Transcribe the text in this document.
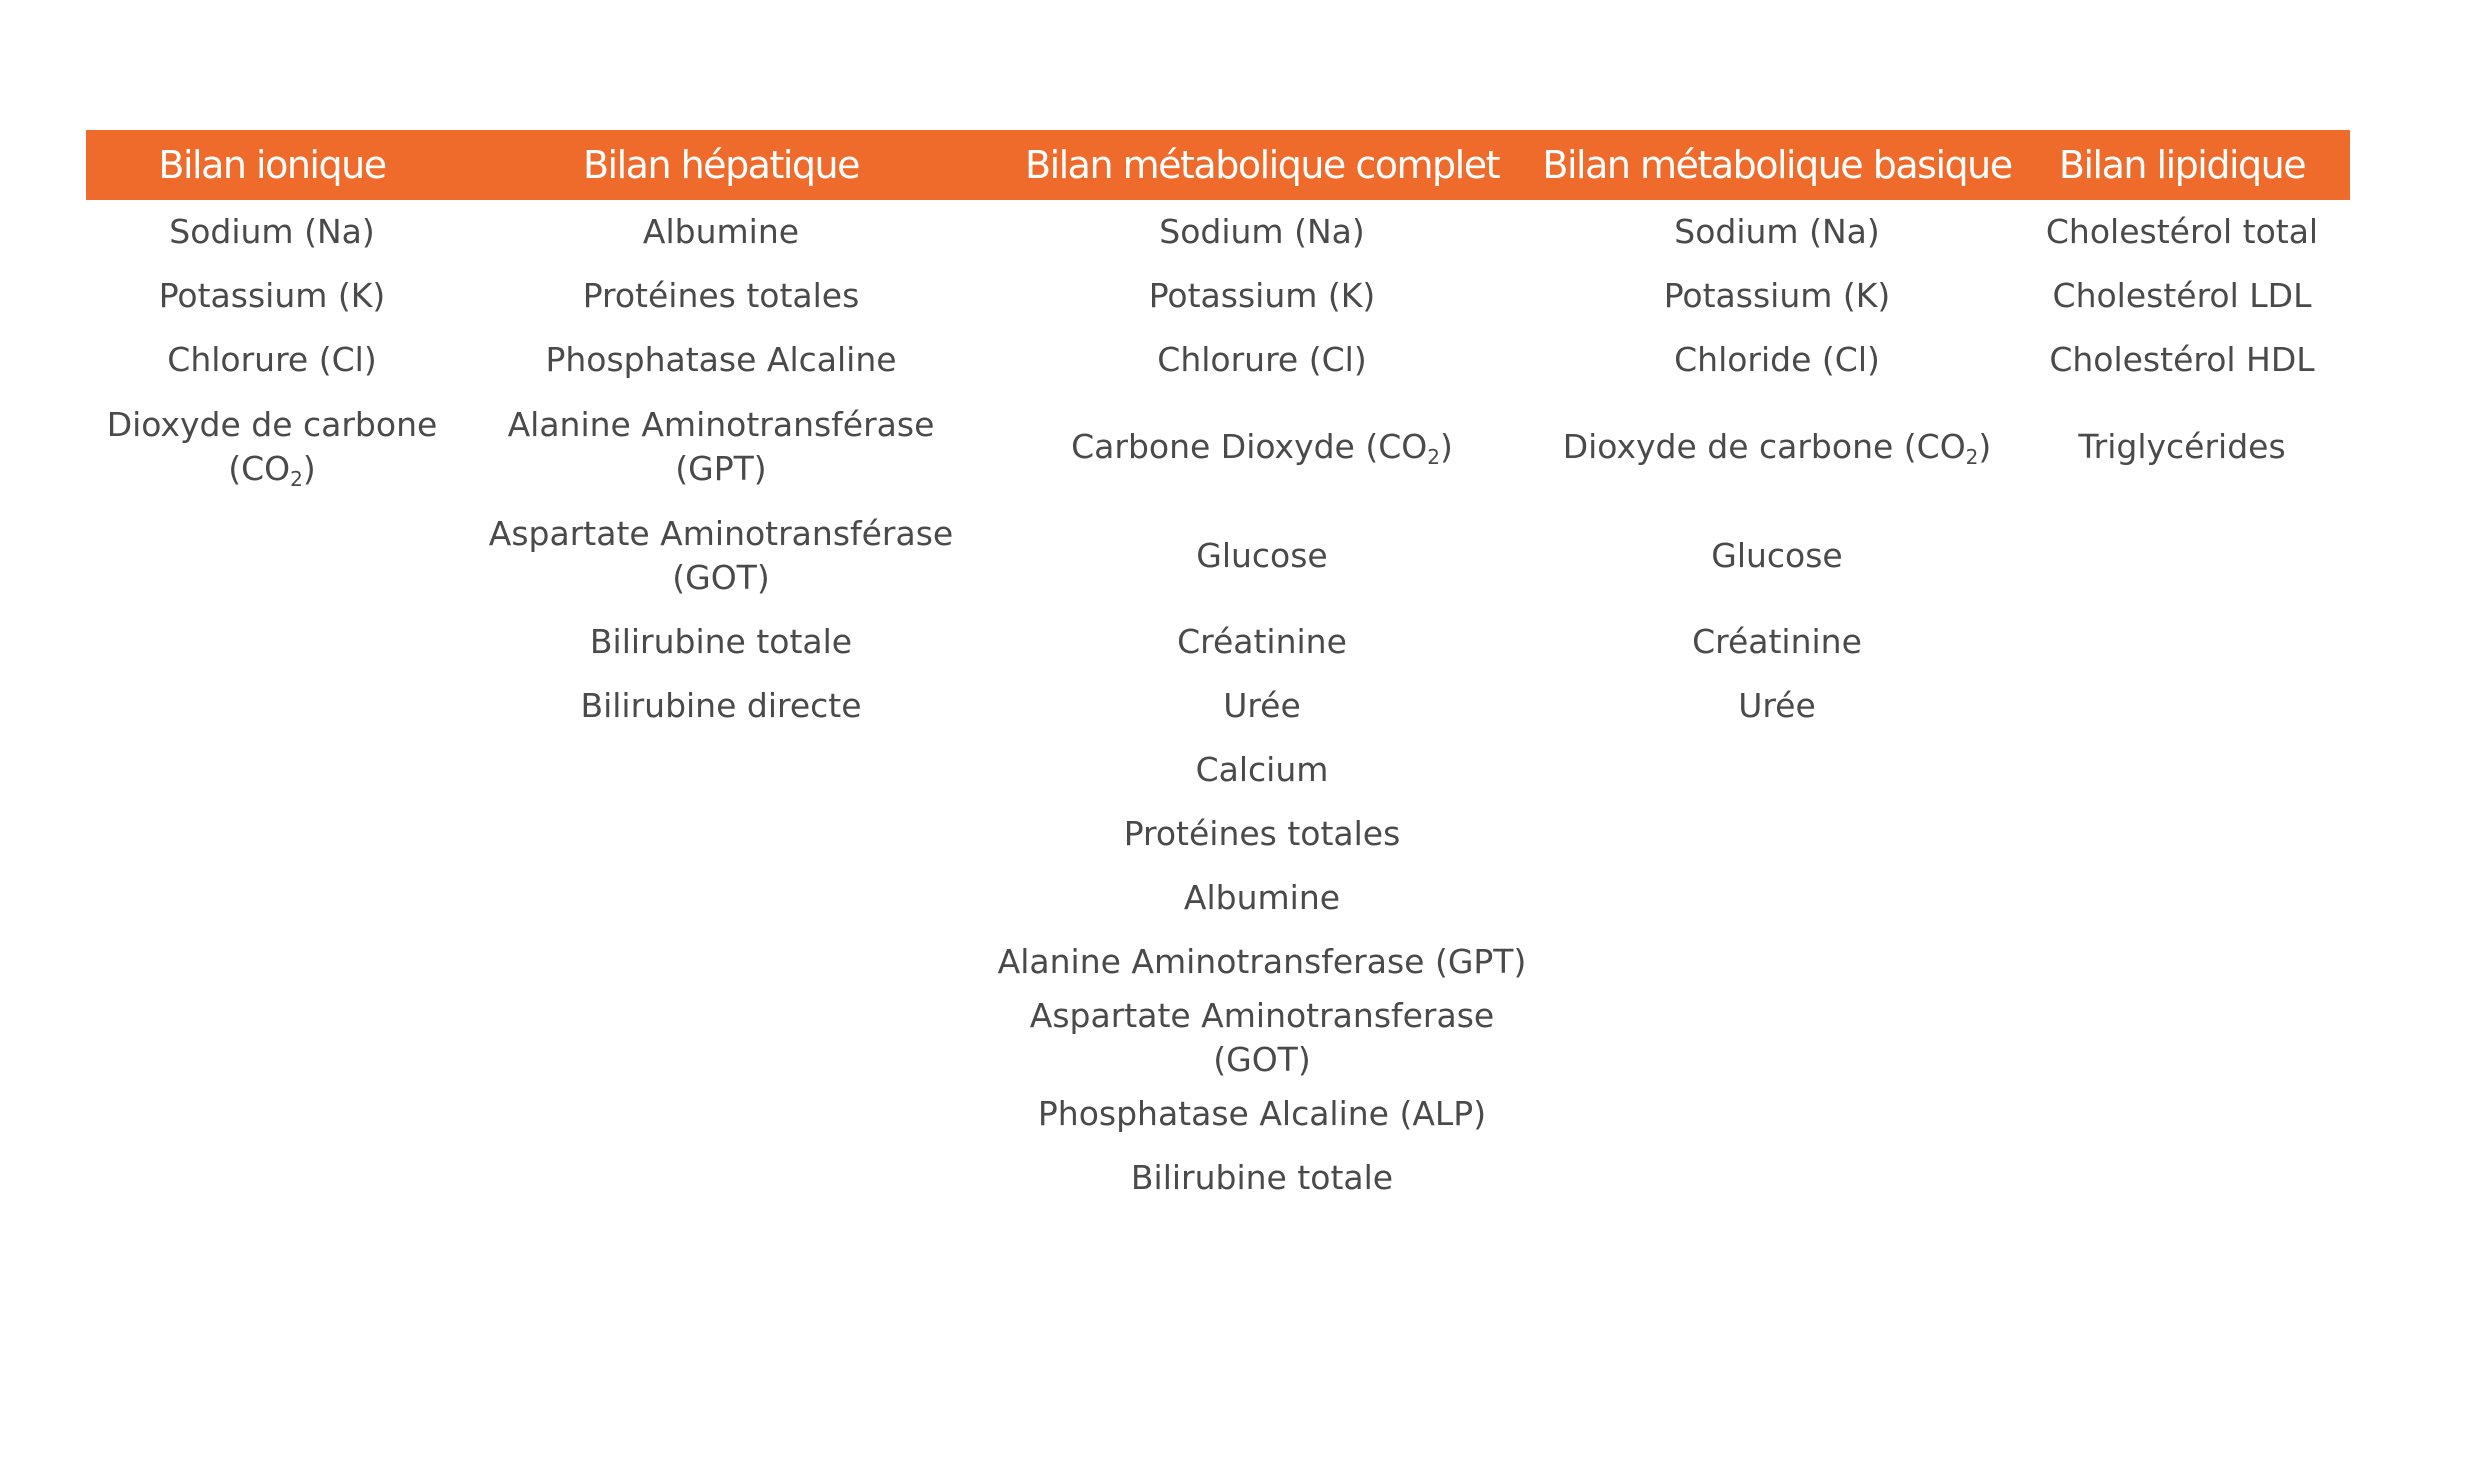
Bilan ionique	Bilan hépatique	Bilan métabolique complet	Bilan métabolique basique	Bilan lipidique
Sodium (Na)	Albumine	Sodium (Na)	Sodium (Na)	Cholestérol total
Potassium (K)	Protéines totales	Potassium (K)	Potassium (K)	Cholestérol LDL
Chlorure (Cl)	Phosphatase Alcaline	Chlorure (Cl)	Chloride (Cl)	Cholestérol HDL
Dioxyde de carbone $(CO_2)$	Alanine Aminotransférase (GPT)	Carbone Dioxyde $(CO_2)$	Dioxyde de carbone $(CO_2)$	Triglycérides
	Aspartate Aminotransférase (GOT)	Glucose	Glucose	
	Bilirubine totale	Créatinine	Créatinine	
	Bilirubine directe	Urée	Urée	
		Calcium		
		Protéines totales		
		Albumine		
		Alanine Aminotransferase (GPT)		
		Aspartate Aminotransferase (GOT)		
		Phosphatase Alcaline (ALP)		
		Bilirubine totale		
